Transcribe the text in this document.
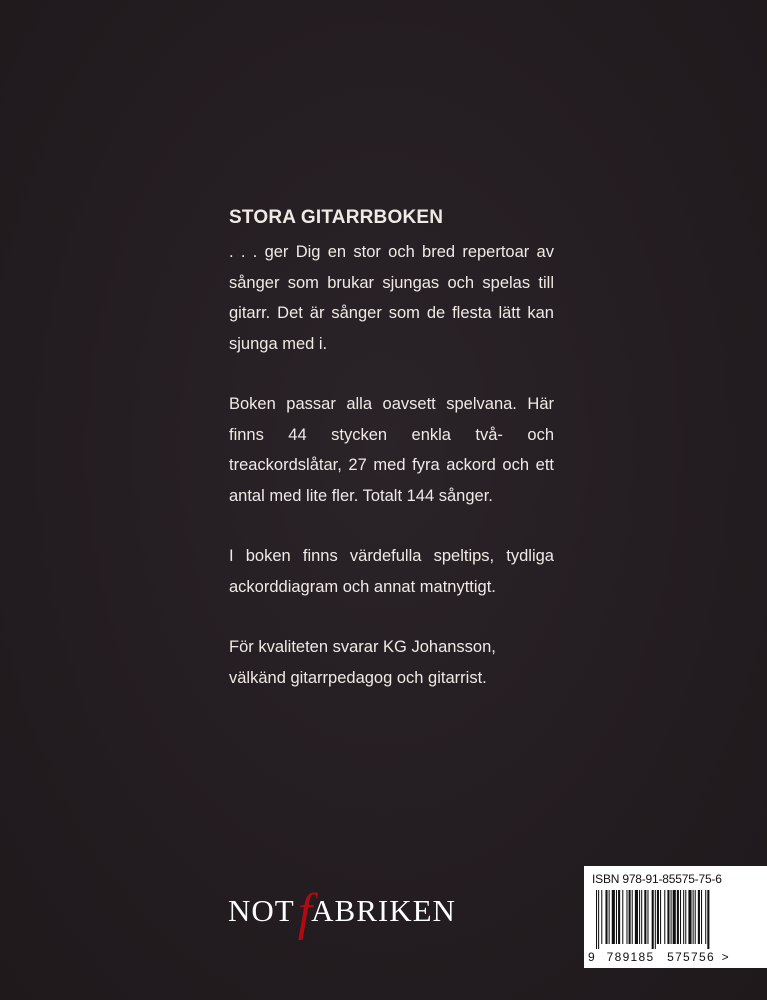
STORA GITARRBOKEN

. . . ger Dig en stor och bred repertoar av sånger som brukar sjungas och spelas till gitarr. Det är sånger som de flesta lätt kan sjunga med i.

Boken passar alla oavsett spelvana. Här finns 44 stycken enkla två- och treackordslåtar, 27 med fyra ackord och ett antal med lite fler. Totalt 144 sånger.

I boken finns värdefulla speltips, tydliga ackorddiagram och annat matnyttigt.

För kvaliteten svarar KG Johansson, välkänd gitarrpedagog och gitarrist.

NOTfABRIKEN
ISBN 978-91-85575-75-6
9 789185 575756 >
